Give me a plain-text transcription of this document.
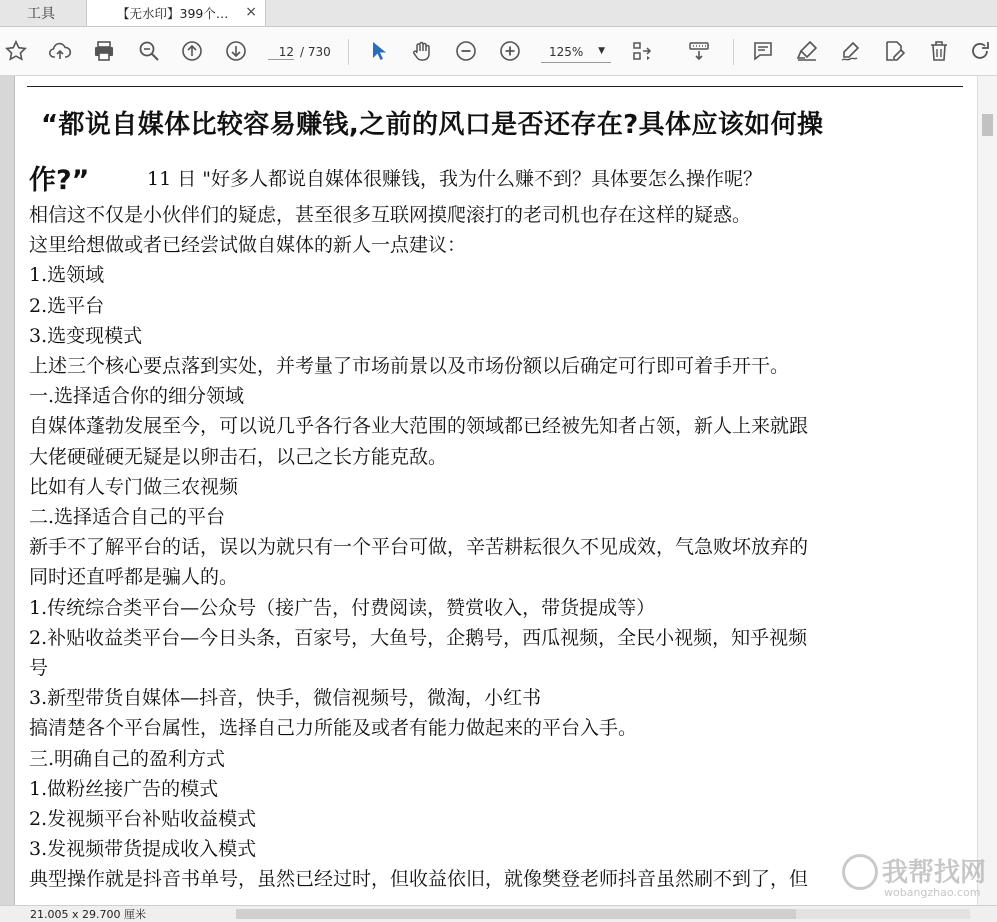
工具	【无水印】399个… ×
12 / 730	125% ▼
“都说自媒体比较容易赚钱,之前的风口是否还存在?具体应该如何操
作?”	11 日 "好多人都说自媒体很赚钱，我为什么赚不到？具体要怎么操作呢？

相信这不仅是小伙伴们的疑虑，甚至很多互联网摸爬滚打的老司机也存在这样的疑惑。

这里给想做或者已经尝试做自媒体的新人一点建议：

1.选领域

2.选平台

3.选变现模式

上述三个核心要点落到实处，并考量了市场前景以及市场份额以后确定可行即可着手开干。

一.选择适合你的细分领域

自媒体蓬勃发展至今，可以说几乎各行各业大范围的领域都已经被先知者占领，新人上来就跟

大佬硬碰硬无疑是以卵击石，以己之长方能克敌。

比如有人专门做三农视频

二.选择适合自己的平台

新手不了解平台的话，误以为就只有一个平台可做，辛苦耕耘很久不见成效，气急败坏放弃的

同时还直呼都是骗人的。

1.传统综合类平台—公众号（接广告，付费阅读，赞赏收入，带货提成等）

2.补贴收益类平台—今日头条，百家号，大鱼号，企鹅号，西瓜视频，全民小视频，知乎视频

号

3.新型带货自媒体—抖音，快手，微信视频号，微淘，小红书

搞清楚各个平台属性，选择自己力所能及或者有能力做起来的平台入手。

三.明确自己的盈利方式

1.做粉丝接广告的模式

2.发视频平台补贴收益模式

3.发视频带货提成收入模式

典型操作就是抖音书单号，虽然已经过时，但收益依旧，就像樊登老师抖音虽然刷不到了，但	我帮找网
wobangzhao.com
21.005 x 29.700 厘米
